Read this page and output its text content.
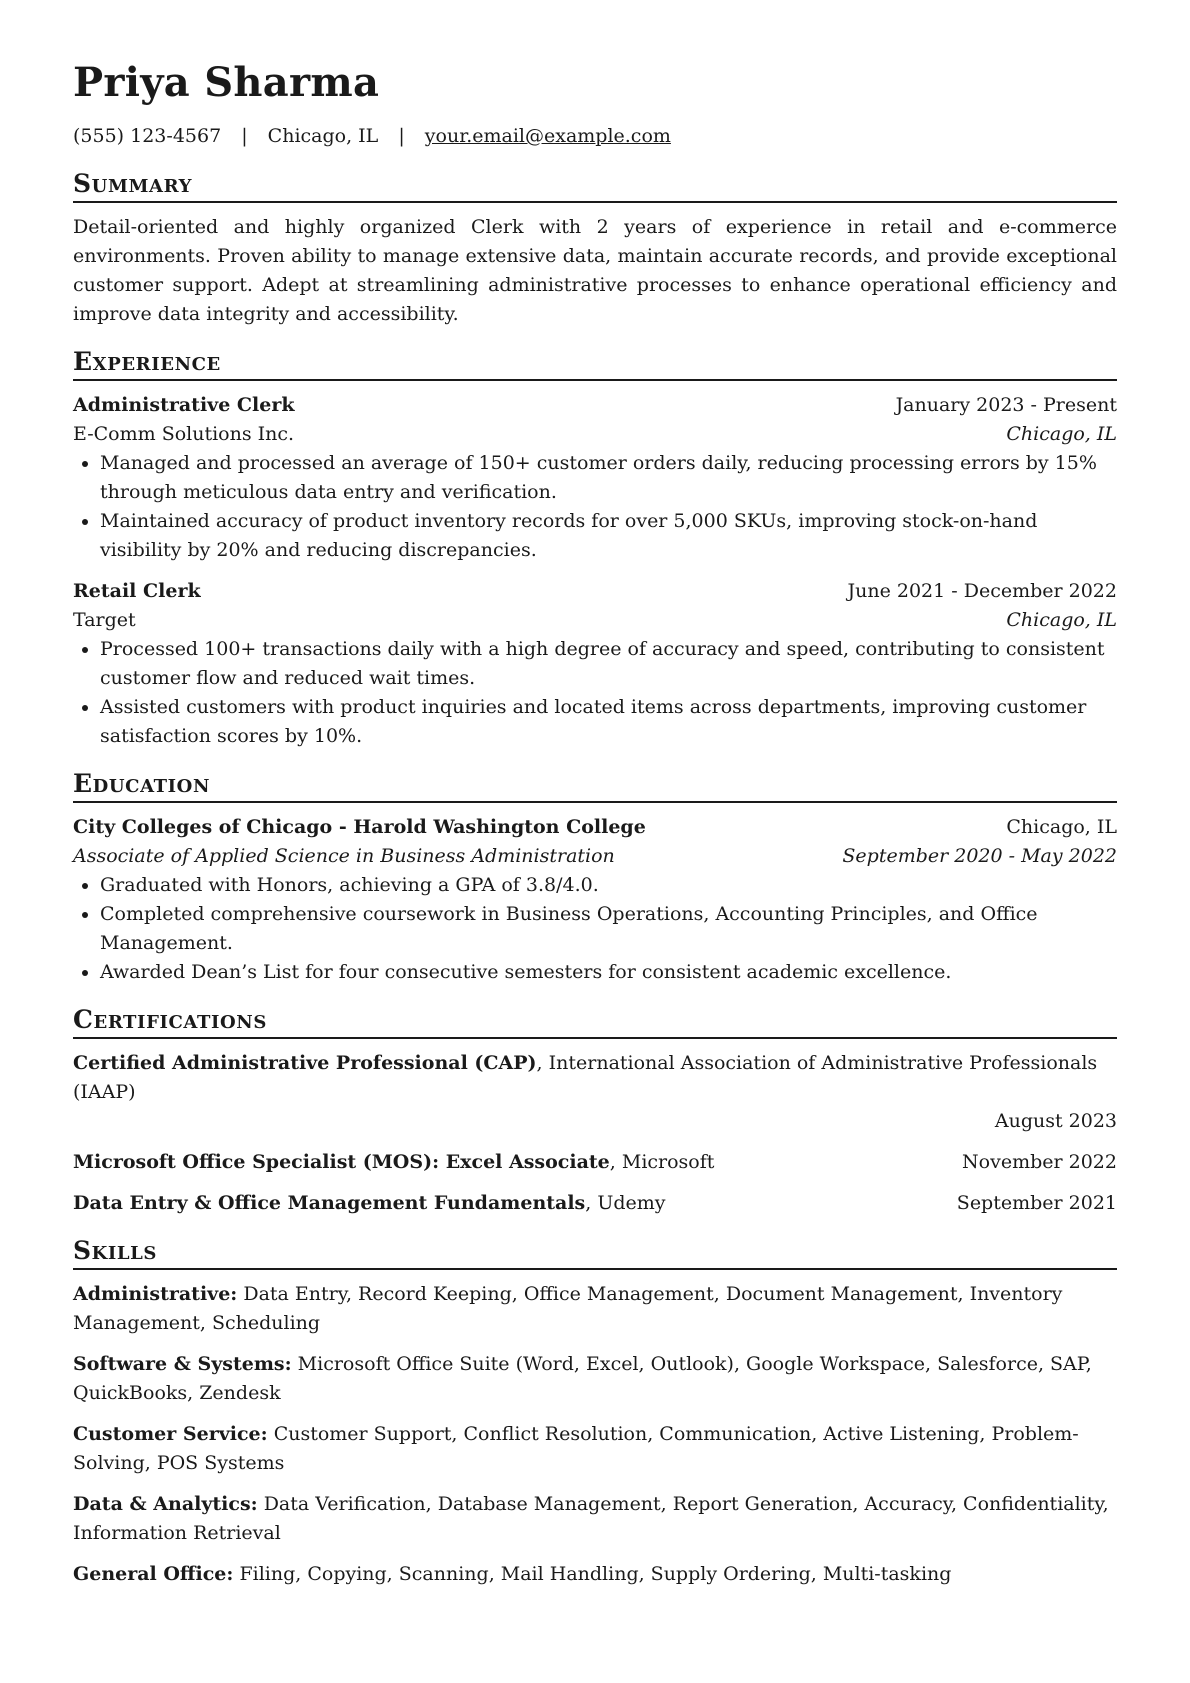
Priya Sharma
(555) 123-4567 | Chicago, IL | your.email@example.com
Summary

Detail-oriented and highly organized Clerk with 2 years of experience in retail and e-commerce environments. Proven ability to manage extensive data, maintain accurate records, and provide exceptional customer support. Adept at streamlining administrative processes to enhance operational efficiency and improve data integrity and accessibility.

Experience
Administrative Clerk	January 2023 - Present
E-Comm Solutions Inc.	Chicago, IL
• Managed and processed an average of 150+ customer orders daily, reducing processing errors by 15% through meticulous data entry and verification.
• Maintained accuracy of product inventory records for over 5,000 SKUs, improving stock-on-hand visibility by 20% and reducing discrepancies.
Retail Clerk	June 2021 - December 2022
Target	Chicago, IL
• Processed 100+ transactions daily with a high degree of accuracy and speed, contributing to consistent customer flow and reduced wait times.
• Assisted customers with product inquiries and located items across departments, improving customer satisfaction scores by 10%.
Education
City Colleges of Chicago - Harold Washington College	Chicago, IL
Associate of Applied Science in Business Administration	September 2020 - May 2022
• Graduated with Honors, achieving a GPA of 3.8/4.0.
• Completed comprehensive coursework in Business Operations, Accounting Principles, and Office Management.
• Awarded Dean’s List for four consecutive semesters for consistent academic excellence.
Certifications
Certified Administrative Professional (CAP), International Association of Administrative Professionals (IAAP)
August 2023
Microsoft Office Specialist (MOS): Excel Associate, Microsoft	November 2022
Data Entry & Office Management Fundamentals, Udemy	September 2021
Skills
Administrative: Data Entry, Record Keeping, Office Management, Document Management, Inventory Management, Scheduling
Software & Systems: Microsoft Office Suite (Word, Excel, Outlook), Google Workspace, Salesforce, SAP, QuickBooks, Zendesk
Customer Service: Customer Support, Conflict Resolution, Communication, Active Listening, Problem-Solving, POS Systems
Data & Analytics: Data Verification, Database Management, Report Generation, Accuracy, Confidentiality, Information Retrieval
General Office: Filing, Copying, Scanning, Mail Handling, Supply Ordering, Multi-tasking
